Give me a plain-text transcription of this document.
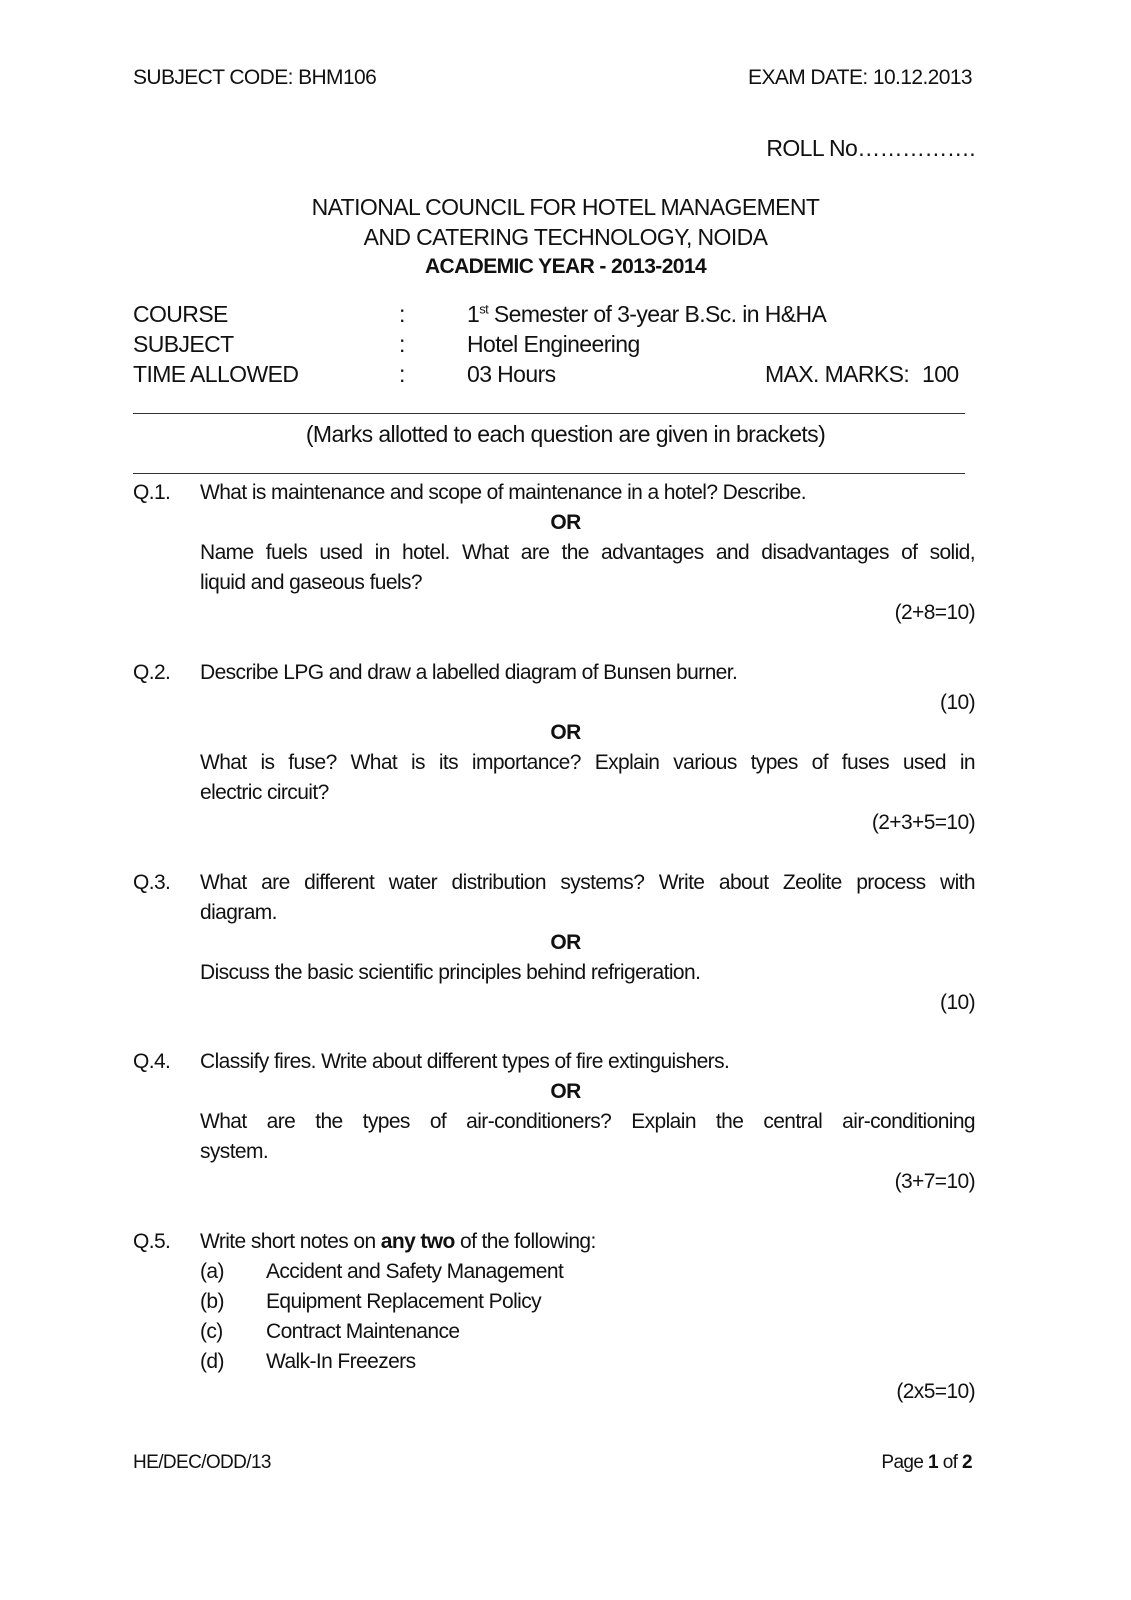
SUBJECT CODE: BHM106	EXAM DATE: 10.12.2013
ROLL No…………….
NATIONAL COUNCIL FOR HOTEL MANAGEMENT
AND CATERING TECHNOLOGY, NOIDA
ACADEMIC YEAR - 2013-2014
COURSE	:	1st Semester of 3-year B.Sc. in H&HA
SUBJECT	:	Hotel Engineering
TIME ALLOWED	:	03 Hours	MAX. MARKS: 100
(Marks allotted to each question are given in brackets)
Q.1. What is maintenance and scope of maintenance in a hotel? Describe.
OR
Name fuels used in hotel. What are the advantages and disadvantages of solid,
liquid and gaseous fuels?
(2+8=10)
Q.2. Describe LPG and draw a labelled diagram of Bunsen burner.
(10)
OR
What is fuse? What is its importance? Explain various types of fuses used in
electric circuit?
(2+3+5=10)
Q.3. What are different water distribution systems? Write about Zeolite process with
diagram.
OR
Discuss the basic scientific principles behind refrigeration.
(10)
Q.4. Classify fires. Write about different types of fire extinguishers.
OR
What are the types of air-conditioners? Explain the central air-conditioning
system.
(3+7=10)
Q.5. Write short notes on any two of the following:
(a) Accident and Safety Management
(b) Equipment Replacement Policy
(c) Contract Maintenance
(d) Walk-In Freezers
(2x5=10)
HE/DEC/ODD/13	Page 1 of 2
